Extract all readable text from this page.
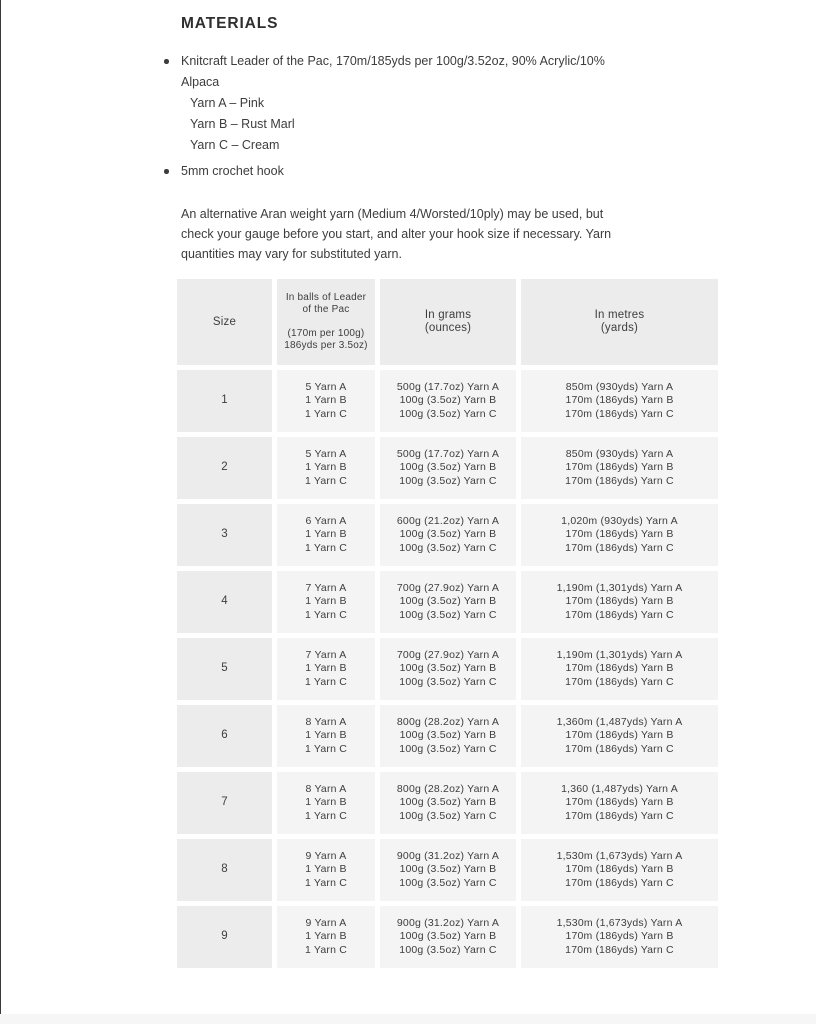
MATERIALS
Knitcraft Leader of the Pac, 170m/185yds per 100g/3.52oz, 90% Acrylic/10%
Alpaca
Yarn A – Pink
Yarn B – Rust Marl
Yarn C – Cream
5mm crochet hook

An alternative Aran weight yarn (Medium 4/Worsted/10ply) may be used, but
check your gauge before you start, and alter your hook size if necessary. Yarn
quantities may vary for substituted yarn.

Size
In balls of Leader
of the Pac

(170m per 100g)
186yds per 3.5oz)
In grams
(ounces)
In metres
(yards)
1
5 Yarn A
1 Yarn B
1 Yarn C
500g (17.7oz) Yarn A
100g (3.5oz) Yarn B
100g (3.5oz) Yarn C
850m (930yds) Yarn A
170m (186yds) Yarn B
170m (186yds) Yarn C
2
5 Yarn A
1 Yarn B
1 Yarn C
500g (17.7oz) Yarn A
100g (3.5oz) Yarn B
100g (3.5oz) Yarn C
850m (930yds) Yarn A
170m (186yds) Yarn B
170m (186yds) Yarn C
3
6 Yarn A
1 Yarn B
1 Yarn C
600g (21.2oz) Yarn A
100g (3.5oz) Yarn B
100g (3.5oz) Yarn C
1,020m (930yds) Yarn A
170m (186yds) Yarn B
170m (186yds) Yarn C
4
7 Yarn A
1 Yarn B
1 Yarn C
700g (27.9oz) Yarn A
100g (3.5oz) Yarn B
100g (3.5oz) Yarn C
1,190m (1,301yds) Yarn A
170m (186yds) Yarn B
170m (186yds) Yarn C
5
7 Yarn A
1 Yarn B
1 Yarn C
700g (27.9oz) Yarn A
100g (3.5oz) Yarn B
100g (3.5oz) Yarn C
1,190m (1,301yds) Yarn A
170m (186yds) Yarn B
170m (186yds) Yarn C
6
8 Yarn A
1 Yarn B
1 Yarn C
800g (28.2oz) Yarn A
100g (3.5oz) Yarn B
100g (3.5oz) Yarn C
1,360m (1,487yds) Yarn A
170m (186yds) Yarn B
170m (186yds) Yarn C
7
8 Yarn A
1 Yarn B
1 Yarn C
800g (28.2oz) Yarn A
100g (3.5oz) Yarn B
100g (3.5oz) Yarn C
1,360 (1,487yds) Yarn A
170m (186yds) Yarn B
170m (186yds) Yarn C
8
9 Yarn A
1 Yarn B
1 Yarn C
900g (31.2oz) Yarn A
100g (3.5oz) Yarn B
100g (3.5oz) Yarn C
1,530m (1,673yds) Yarn A
170m (186yds) Yarn B
170m (186yds) Yarn C
9
9 Yarn A
1 Yarn B
1 Yarn C
900g (31.2oz) Yarn A
100g (3.5oz) Yarn B
100g (3.5oz) Yarn C
1,530m (1,673yds) Yarn A
170m (186yds) Yarn B
170m (186yds) Yarn C
